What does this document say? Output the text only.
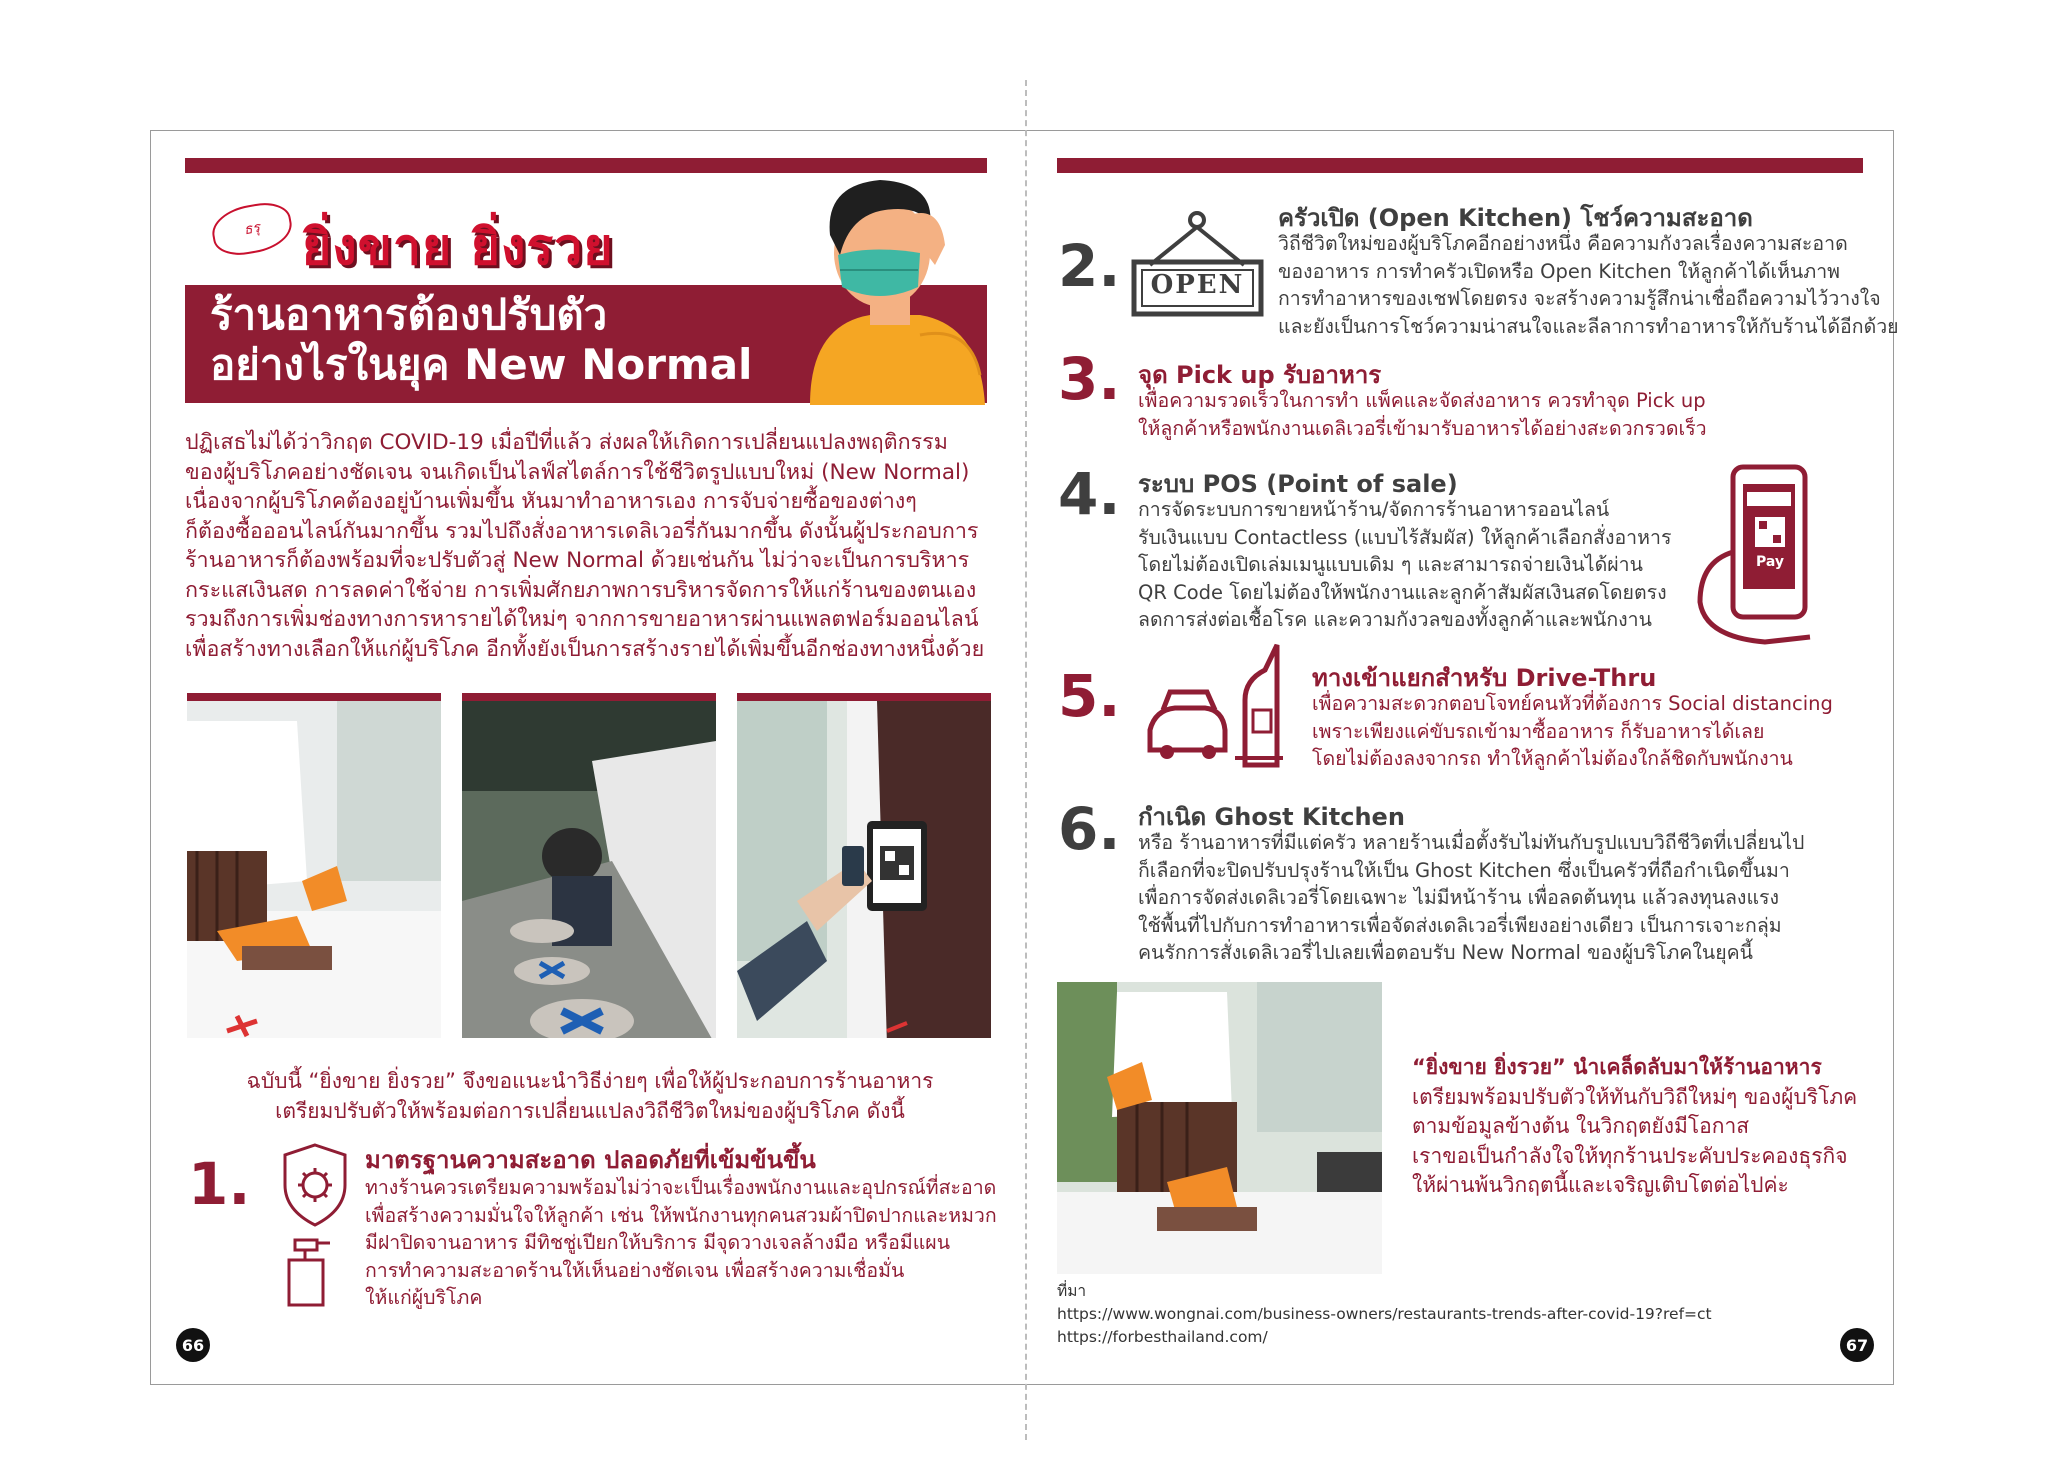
ธรุ ยิ่งขาย ยิ่งรวย
ร้านอาหารต้องปรับตัว
อย่างไรในยุค New Normal
ปฏิเสธไม่ได้ว่าวิกฤต COVID-19 เมื่อปีที่แล้ว ส่งผลให้เกิดการเปลี่ยนแปลงพฤติกรรม
ของผู้บริโภคอย่างชัดเจน จนเกิดเป็นไลฟ์สไตล์การใช้ชีวิตรูปแบบใหม่ (New Normal)
เนื่องจากผู้บริโภคต้องอยู่บ้านเพิ่มขึ้น หันมาทำอาหารเอง การจับจ่ายซื้อของต่างๆ
ก็ต้องซื้อออนไลน์กันมากขึ้น รวมไปถึงสั่งอาหารเดลิเวอรี่กันมากขึ้น ดังนั้นผู้ประกอบการ
ร้านอาหารก็ต้องพร้อมที่จะปรับตัวสู่ New Normal ด้วยเช่นกัน ไม่ว่าจะเป็นการบริหาร
กระแสเงินสด การลดค่าใช้จ่าย การเพิ่มศักยภาพการบริหารจัดการให้แก่ร้านของตนเอง
รวมถึงการเพิ่มช่องทางการหารายได้ใหม่ๆ จากการขายอาหารผ่านแพลตฟอร์มออนไลน์
เพื่อสร้างทางเลือกให้แก่ผู้บริโภค อีกทั้งยังเป็นการสร้างรายได้เพิ่มขึ้นอีกช่องทางหนึ่งด้วย
ฉบับนี้ “ยิ่งขาย ยิ่งรวย” จึงขอแนะนำวิธีง่ายๆ เพื่อให้ผู้ประกอบการร้านอาหาร
เตรียมปรับตัวให้พร้อมต่อการเปลี่ยนแปลงวิถีชีวิตใหม่ของผู้บริโภค ดังนี้
1.	มาตรฐานความสะอาด ปลอดภัยที่เข้มข้นขึ้น
ทางร้านควรเตรียมความพร้อมไม่ว่าจะเป็นเรื่องพนักงานและอุปกรณ์ที่สะอาด
เพื่อสร้างความมั่นใจให้ลูกค้า เช่น ให้พนักงานทุกคนสวมผ้าปิดปากและหมวก
มีฝาปิดจานอาหาร มีทิชชู่เปียกให้บริการ มีจุดวางเจลล้างมือ หรือมีแผน
การทำความสะอาดร้านให้เห็นอย่างชัดเจน เพื่อสร้างความเชื่อมั่น
ให้แก่ผู้บริโภค
66
2.	OPEN
ครัวเปิด (Open Kitchen) โชว์ความสะอาด
วิถีชีวิตใหม่ของผู้บริโภคอีกอย่างหนึ่ง คือความกังวลเรื่องความสะอาด
ของอาหาร การทำครัวเปิดหรือ Open Kitchen ให้ลูกค้าได้เห็นภาพ
การทำอาหารของเชฟโดยตรง จะสร้างความรู้สึกน่าเชื่อถือความไว้วางใจ
และยังเป็นการโชว์ความน่าสนใจและลีลาการทำอาหารให้กับร้านได้อีกด้วย
3. จุด Pick up รับอาหาร
เพื่อความรวดเร็วในการทำ แพ็คและจัดส่งอาหาร ควรทำจุด Pick up
ให้ลูกค้าหรือพนักงานเดลิเวอรี่เข้ามารับอาหารได้อย่างสะดวกรวดเร็ว
4. ระบบ POS (Point of sale)
การจัดระบบการขายหน้าร้าน/จัดการร้านอาหารออนไลน์
รับเงินแบบ Contactless (แบบไร้สัมผัส) ให้ลูกค้าเลือกสั่งอาหาร
โดยไม่ต้องเปิดเล่มเมนูแบบเดิม ๆ และสามารถจ่ายเงินได้ผ่าน
QR Code โดยไม่ต้องให้พนักงานและลูกค้าสัมผัสเงินสดโดยตรง
ลดการส่งต่อเชื้อโรค และความกังวลของทั้งลูกค้าและพนักงาน
Pay
5.	ทางเข้าแยกสำหรับ Drive-Thru
เพื่อความสะดวกตอบโจทย์คนหัวที่ต้องการ Social distancing
เพราะเพียงแค่ขับรถเข้ามาซื้ออาหาร ก็รับอาหารได้เลย
โดยไม่ต้องลงจากรถ ทำให้ลูกค้าไม่ต้องใกล้ชิดกับพนักงาน
6. กำเนิด Ghost Kitchen
หรือ ร้านอาหารที่มีแต่ครัว หลายร้านเมื่อตั้งรับไม่ทันกับรูปแบบวิถีชีวิตที่เปลี่ยนไป
ก็เลือกที่จะปิดปรับปรุงร้านให้เป็น Ghost Kitchen ซึ่งเป็นครัวที่ถือกำเนิดขึ้นมา
เพื่อการจัดส่งเดลิเวอรี่โดยเฉพาะ ไม่มีหน้าร้าน เพื่อลดต้นทุน แล้วลงทุนลงแรง
ใช้พื้นที่ไปกับการทำอาหารเพื่อจัดส่งเดลิเวอรี่เพียงอย่างเดียว เป็นการเจาะกลุ่ม
คนรักการสั่งเดลิเวอรี่ไปเลยเพื่อตอบรับ New Normal ของผู้บริโภคในยุคนี้
“ยิ่งขาย ยิ่งรวย” นำเคล็ดลับมาให้ร้านอาหาร
เตรียมพร้อมปรับตัวให้ทันกับวิถีใหม่ๆ ของผู้บริโภค
ตามข้อมูลข้างต้น ในวิกฤตยังมีโอกาส
เราขอเป็นกำลังใจให้ทุกร้านประคับประคองธุรกิจ
ให้ผ่านพ้นวิกฤตนี้และเจริญเติบโตต่อไปค่ะ
ที่มา
https://www.wongnai.com/business-owners/restaurants-trends-after-covid-19?ref=ct
https://forbesthailand.com/	67
